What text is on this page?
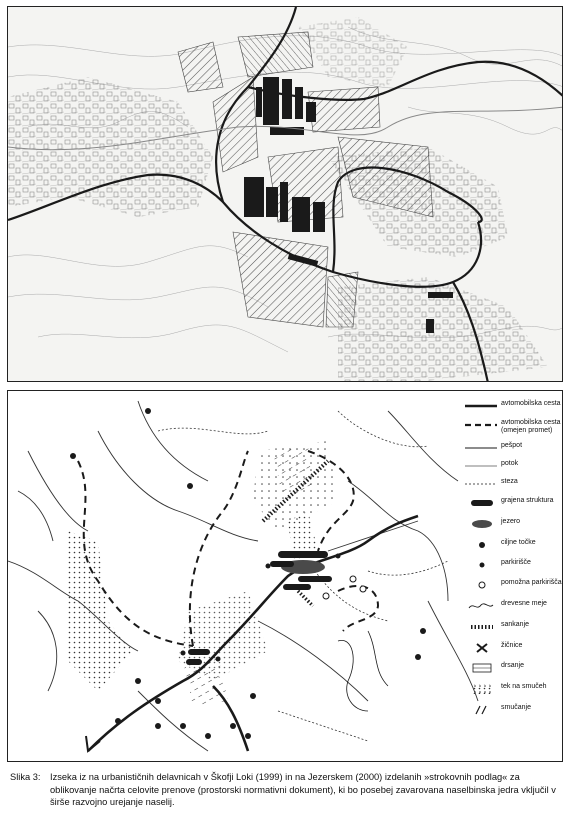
avtomobilska cesta
avtomobilska cesta (omejen promet)
pešpot
potok
steza
grajena struktura
jezero
ciljne točke
parkirišče
pomožna parkirišča
drevesne meje
sankanje
žičnice
drsanje
tek na smučeh
smučanje
Slika 3: Izseka iz na urbanističnih delavnicah v Škofji Loki (1999) in na Jezerskem (2000) izdelanih »strokovnih podlag« za oblikovanje načrta celovite prenove (prostorski normativni dokument), ki bo posebej zavarovana naselbinska jedra vključil v širše razvojno urejanje naselij.
